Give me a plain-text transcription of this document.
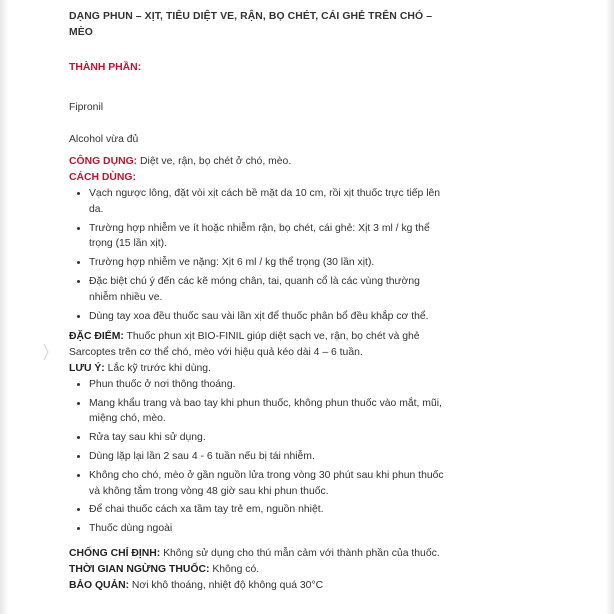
DẠNG PHUN – XỊT, TIÊU DIỆT VE, RẬN, BỌ CHÉT, CÁI GHẺ TRÊN CHÓ – MÈO

THÀNH PHẦN:

Fipronil

Alcohol vừa đủ

CÔNG DỤNG: Diệt ve, rận, bọ chét ở chó, mèo.

CÁCH DÙNG:

• Vạch ngược lông, đặt vòi xịt cách bề mặt da 10 cm, rồi xịt thuốc trực tiếp lên da.
• Trường hợp nhiễm ve ít hoặc nhiễm rận, bọ chét, cái ghẻ: Xịt 3 ml / kg thể trọng (15 lần xịt).
• Trường hợp nhiễm ve nặng: Xịt 6 ml / kg thể trọng (30 lần xịt).
• Đặc biệt chú ý đến các kẽ móng chân, tai, quanh cổ là các vùng thường nhiễm nhiều ve.
• Dùng tay xoa đều thuốc sau vài lần xịt để thuốc phân bổ đều khắp cơ thể.

ĐẶC ĐIỂM: Thuốc phun xịt BIO-FINIL giúp diệt sạch ve, rận, bọ chét và ghẻ Sarcoptes trên cơ thể chó, mèo với hiệu quả kéo dài 4 – 6 tuần.

LƯU Ý: Lắc kỹ trước khi dùng.

• Phun thuốc ở nơi thông thoáng.
• Mang khẩu trang và bao tay khi phun thuốc, không phun thuốc vào mắt, mũi, miệng chó, mèo.
• Rửa tay sau khi sử dụng.
• Dùng lặp lại lần 2 sau 4 - 6 tuần nếu bị tái nhiễm.
• Không cho chó, mèo ở gần nguồn lửa trong vòng 30 phút sau khi phun thuốc và không tắm trong vòng 48 giờ sau khi phun thuốc.
• Để chai thuốc cách xa tầm tay trẻ em, nguồn nhiệt.
• Thuốc dùng ngoài

CHỐNG CHỈ ĐỊNH: Không sử dụng cho thú mẫn cảm với thành phần của thuốc.

THỜI GIAN NGỪNG THUỐC: Không có.

BẢO QUẢN: Nơi khô thoáng, nhiệt độ không quá 30°C
